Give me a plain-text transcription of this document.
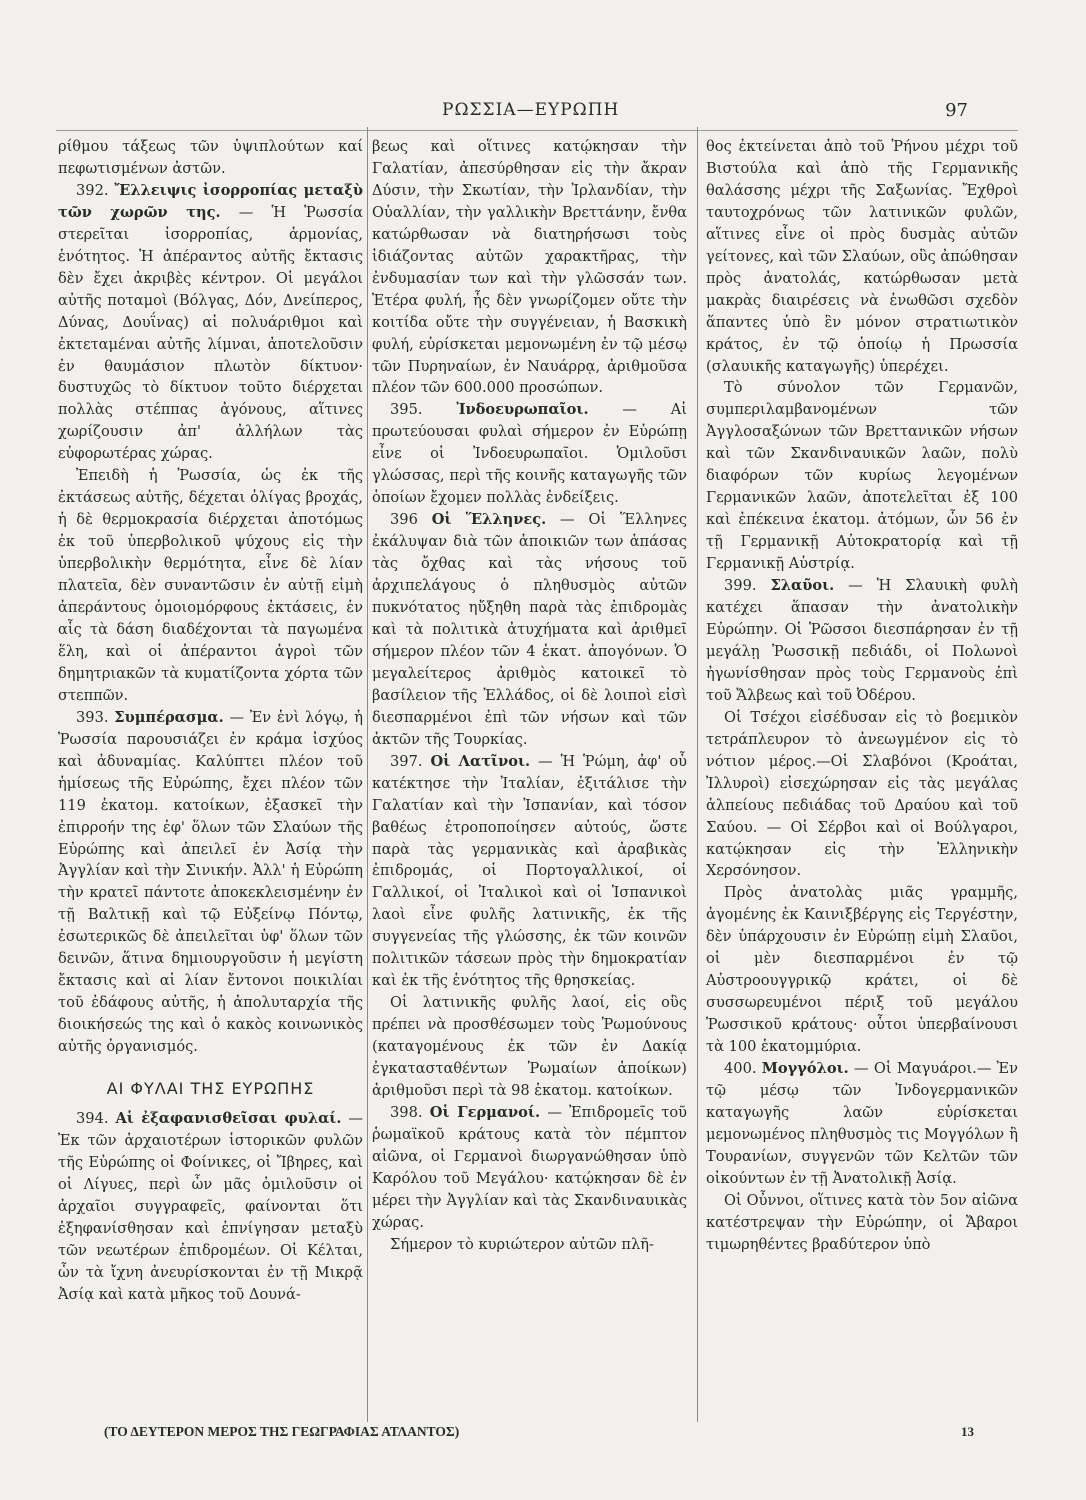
ΡΩΣΣΙΑ—ΕΥΡΩΠΗ	97

ρίθμου τάξεως τῶν ὑψιπλούτων καί πεφωτισμένων ἀστῶν.

392. Ἔλλειψις ἰσορροπίας μεταξὺ τῶν χωρῶν της. — Ἡ Ῥωσσία στερεῖται ἰσορροπίας, ἁρμονίας, ἑνότητος. Ἡ ἀπέραντος αὐτῆς ἔκτασις δὲν ἔχει ἀκριβὲς κέντρον. Οἱ μεγάλοι αὐτῆς ποταμοὶ (Βόλγας, Δόν, Δνείπερος, Δύνας, Δουΐνας) αἱ πολυάριθμοι καὶ ἐκτεταμέναι αὐτῆς λίμναι, ἀποτελοῦσιν ἐν θαυμάσιον πλωτὸν δίκτυον· δυστυχῶς τὸ δίκτυον τοῦτο διέρχεται πολλὰς στέππας ἀγόνους, αἵτινες χωρίζουσιν ἀπ' ἀλλήλων τὰς εὐφορωτέρας χώρας.

Ἐπειδὴ ἡ Ῥωσσία, ὡς ἐκ τῆς ἐκτάσεως αὐτῆς, δέχεται ὀλίγας βροχάς, ἡ δὲ θερμοκρασία διέρχεται ἀποτόμως ἐκ τοῦ ὑπερβολικοῦ ψύχους εἰς τὴν ὑπερβολικὴν θερμότητα, εἶνε δὲ λίαν πλατεῖα, δὲν συναντῶσιν ἐν αὐτῇ εἰμὴ ἀπεράντους ὁμοιομόρφους ἐκτάσεις, ἐν αἷς τὰ δάση διαδέχονται τὰ παγωμένα ἕλη, καὶ οἱ ἀπέραντοι ἀγροὶ τῶν δημητριακῶν τὰ κυματίζοντα χόρτα τῶν στεππῶν.

393. Συμπέρασμα. — Ἐν ἑνὶ λόγῳ, ἡ Ῥωσσία παρουσιάζει ἐν κράμα ἰσχύος καὶ ἀδυναμίας. Καλύπτει πλέον τοῦ ἡμίσεως τῆς Εὐρώπης, ἔχει πλέον τῶν 119 ἑκατομ. κατοίκων, ἐξασκεῖ τὴν ἐπιρροήν της ἐφ' ὅλων τῶν Σλαύων τῆς Εὐρώπης καὶ ἀπειλεῖ ἐν Ἀσίᾳ τὴν Ἀγγλίαν καὶ τὴν Σινικήν. Ἀλλ' ἡ Εὐρώπη τὴν κρατεῖ πάντοτε ἀποκεκλεισμένην ἐν τῇ Βαλτικῇ καὶ τῷ Εὐξείνῳ Πόντῳ, ἐσωτερικῶς δὲ ἀπειλεῖται ὑφ' ὅλων τῶν δεινῶν, ἅτινα δημιουργοῦσιν ἡ μεγίστη ἔκτασις καὶ αἱ λίαν ἔντονοι ποικιλίαι τοῦ ἐδάφους αὐτῆς, ἡ ἀπολυταρχία τῆς διοικήσεώς της καὶ ὁ κακὸς κοινωνικὸς αὐτῆς ὀργανισμός.

ΑΙ ΦΥΛΑΙ ΤΗΣ ΕΥΡΩΠΗΣ

394. Αἱ ἐξαφανισθεῖσαι φυλαί. — Ἐκ τῶν ἀρχαιοτέρων ἱστορικῶν φυλῶν τῆς Εὐρώπης οἱ Φοίνικες, οἱ Ἴβηρες, καὶ οἱ Λίγυες, περὶ ὧν μᾶς ὁμιλοῦσιν οἱ ἀρχαῖοι συγγραφεῖς, φαίνονται ὅτι ἐξηφανίσθησαν καὶ ἐπνίγησαν μεταξὺ τῶν νεωτέρων ἐπιδρομέων. Οἱ Κέλται, ὧν τὰ ἴχνη ἀνευρίσκονται ἐν τῇ Μικρᾷ Ἀσίᾳ καὶ κατὰ μῆκος τοῦ Δουνά-

βεως καὶ οἵτινες κατῴκησαν τὴν Γαλατίαν, ἀπεσύρθησαν εἰς τὴν ἄκραν Δύσιν, τὴν Σκωτίαν, τὴν Ἰρλανδίαν, τὴν Οὐαλλίαν, τὴν γαλλικὴν Βρεττάνην, ἔνθα κατώρθωσαν νὰ διατηρήσωσι τοὺς ἰδιάζοντας αὐτῶν χαρακτῆρας, τὴν ἐνδυμασίαν των καὶ τὴν γλῶσσάν των. Ἑτέρα φυλή, ἧς δὲν γνωρίζομεν οὔτε τὴν κοιτίδα οὔτε τὴν συγγένειαν, ἡ Βασκικὴ φυλή, εὑρίσκεται μεμονωμένη ἐν τῷ μέσῳ τῶν Πυρηναίων, ἐν Ναυάρρᾳ, ἀριθμοῦσα πλέον τῶν 600.000 προσώπων.

395. Ἰνδοευρωπαῖοι. — Αἱ πρωτεύουσαι φυλαὶ σήμερον ἐν Εὐρώπῃ εἶνε οἱ Ἰνδοευρωπαῖοι. Ὁμιλοῦσι γλώσσας, περὶ τῆς κοινῆς καταγωγῆς τῶν ὁποίων ἔχομεν πολλὰς ἐνδείξεις.

396 Οἱ Ἕλληνες. — Οἱ Ἕλληνες ἐκάλυψαν διὰ τῶν ἀποικιῶν των ἁπάσας τὰς ὄχθας καὶ τὰς νήσους τοῦ ἀρχιπελάγους ὁ πληθυσμὸς αὐτῶν πυκνότατος ηὔξηθη παρὰ τὰς ἐπιδρομὰς καὶ τὰ πολιτικὰ ἀτυχήματα καὶ ἀριθμεῖ σήμερον πλέον τῶν 4 ἑκατ. ἀπογόνων. Ὁ μεγαλείτερος ἀριθμὸς κατοικεῖ τὸ βασίλειον τῆς Ἑλλάδος, οἱ δὲ λοιποὶ εἰσὶ διεσπαρμένοι ἐπὶ τῶν νήσων καὶ τῶν ἀκτῶν τῆς Τουρκίας.

397. Οἱ Λατῖνοι. — Ἡ Ῥώμη, ἀφ' οὗ κατέκτησε τὴν Ἰταλίαν, ἐξιτάλισε τὴν Γαλατίαν καὶ τὴν Ἱσπανίαν, καὶ τόσον βαθέως ἐτροποποίησεν αὐτούς, ὥστε παρὰ τὰς γερμανικὰς καὶ ἀραβικὰς ἐπιδρομάς, οἱ Πορτογαλλικοί, οἱ Γαλλικοί, οἱ Ἰταλικοὶ καὶ οἱ Ἱσπανικοὶ λαοὶ εἶνε φυλῆς λατινικῆς, ἐκ τῆς συγγενείας τῆς γλώσσης, ἐκ τῶν κοινῶν πολιτικῶν τάσεων πρὸς τὴν δημοκρατίαν καὶ ἐκ τῆς ἑνότητος τῆς θρησκείας.

Οἱ λατινικῆς φυλῆς λαοί, εἰς οὓς πρέπει νὰ προσθέσωμεν τοὺς Ῥωμούνους (καταγομένους ἐκ τῶν ἐν Δακίᾳ ἐγκατασταθέντων Ῥωμαίων ἀποίκων) ἀριθμοῦσι περὶ τὰ 98 ἑκατομ. κατοίκων.

398. Οἱ Γερμανοί. — Ἐπιδρομεῖς τοῦ ῥωμαϊκοῦ κράτους κατὰ τὸν πέμπτον αἰῶνα, οἱ Γερμανοὶ διωργανώθησαν ὑπὸ Καρόλου τοῦ Μεγάλου· κατῴκησαν δὲ ἐν μέρει τὴν Ἀγγλίαν καὶ τὰς Σκανδιναυικὰς χώρας.

Σήμερον τὸ κυριώτερον αὐτῶν πλῆ-

θος ἐκτείνεται ἀπὸ τοῦ Ῥήνου μέχρι τοῦ Βιστούλα καὶ ἀπὸ τῆς Γερμανικῆς θαλάσσης μέχρι τῆς Σαξωνίας. Ἔχθροὶ ταυτοχρόνως τῶν λατινικῶν φυλῶν, αἵτινες εἶνε οἱ πρὸς δυσμὰς αὐτῶν γείτονες, καὶ τῶν Σλαύων, οὓς ἀπώθησαν πρὸς ἀνατολάς, κατώρθωσαν μετὰ μακρὰς διαιρέσεις νὰ ἑνωθῶσι σχεδὸν ἅπαντες ὑπὸ ἓν μόνον στρατιωτικὸν κράτος, ἐν τῷ ὁποίῳ ἡ Πρωσσία (σλαυικῆς καταγωγῆς) ὑπερέχει.

Τὸ σύνολον τῶν Γερμανῶν, συμπεριλαμβανομένων τῶν Ἀγγλοσαξώνων τῶν Βρεττανικῶν νήσων καὶ τῶν Σκανδιναυικῶν λαῶν, πολὺ διαφόρων τῶν κυρίως λεγομένων Γερμανικῶν λαῶν, ἀποτελεῖται ἐξ 100 καὶ ἐπέκεινα ἑκατομ. ἀτόμων, ὧν 56 ἐν τῇ Γερμανικῇ Αὐτοκρατορίᾳ καὶ τῇ Γερμανικῇ Αὐστρίᾳ.

399. Σλαῦοι. — Ἡ Σλαυικὴ φυλὴ κατέχει ἅπασαν τὴν ἀνατολικὴν Εὐρώπην. Οἱ Ῥῶσσοι διεσπάρησαν ἐν τῇ μεγάλῃ Ῥωσσικῇ πεδιάδι, οἱ Πολωνοὶ ἠγωνίσθησαν πρὸς τοὺς Γερμανοὺς ἐπὶ τοῦ Ἄλβεως καὶ τοῦ Ὀδέρου.

Οἱ Τσέχοι εἰσέδυσαν εἰς τὸ βοεμικὸν τετράπλευρον τὸ ἀνεωγμένον εἰς τὸ νότιον μέρος.—Οἱ Σλαβόνοι (Κροάται, Ἰλλυροὶ) εἰσεχώρησαν εἰς τὰς μεγάλας ἀλπείους πεδιάδας τοῦ Δραύου καὶ τοῦ Σαύου. — Οἱ Σέρβοι καὶ οἱ Βούλγαροι, κατῴκησαν εἰς τὴν Ἑλληνικὴν Χερσόνησον.

Πρὸς ἀνατολὰς μιᾶς γραμμῆς, ἀγομένης ἐκ Καινιξβέργης εἰς Τεργέστην, δὲν ὑπάρχουσιν ἐν Εὐρώπῃ εἰμὴ Σλαῦοι, οἱ μὲν διεσπαρμένοι ἐν τῷ Αὐστροουγγρικῷ κράτει, οἱ δὲ συσσωρευμένοι πέριξ τοῦ μεγάλου Ῥωσσικοῦ κράτους· οὗτοι ὑπερβαίνουσι τὰ 100 ἑκατομμύρια.

400. Μογγόλοι. — Οἱ Μαγυάροι.— Ἐν τῷ μέσῳ τῶν Ἰνδογερμανικῶν καταγωγῆς λαῶν εὑρίσκεται μεμονωμένος πληθυσμὸς τις Μογγόλων ἢ Τουρανίων, συγγενῶν τῶν Κελτῶν τῶν οἰκούντων ἐν τῇ Ἀνατολικῇ Ἀσίᾳ.

Οἱ Οὖννοι, οἵτινες κατὰ τὸν 5ον αἰῶνα κατέστρεψαν τὴν Εὐρώπην, οἱ Ἄβαροι τιμωρηθέντες βραδύτερον ὑπὸ

(ΤΟ ΔΕΥΤΕΡΟΝ ΜΕΡΟΣ ΤΗΣ ΓΕΩΓΡΑΦΙΑΣ ΑΤΛΑΝΤΟΣ)	13
